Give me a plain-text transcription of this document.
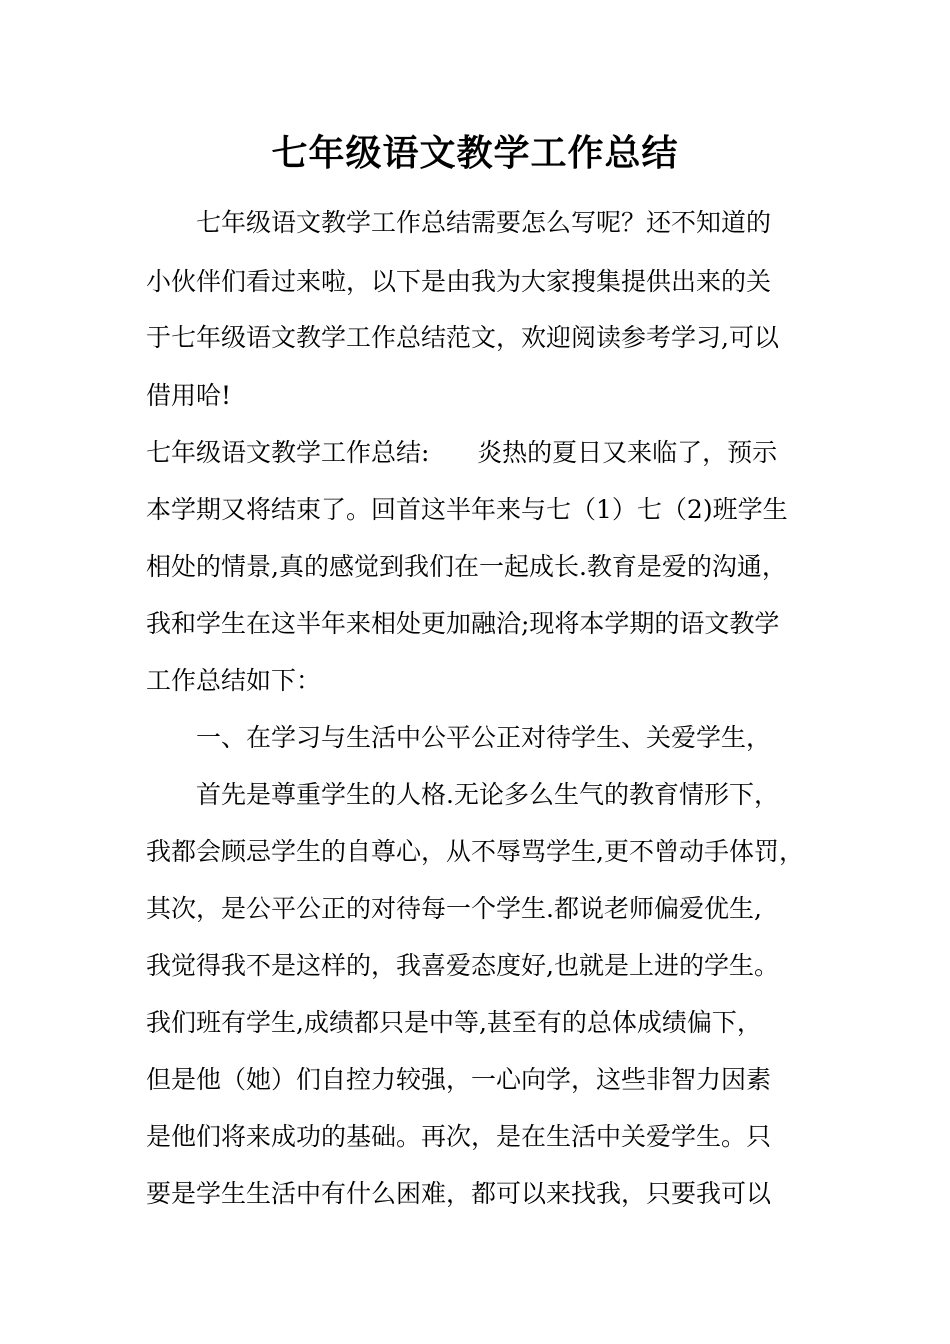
七年级语文教学工作总结
七年级语文教学工作总结需要怎么写呢？还不知道的
小伙伴们看过来啦，以下是由我为大家搜集提供出来的关
于七年级语文教学工作总结范文，欢迎阅读参考学习,可以
借用哈!
七年级语文教学工作总结:      炎热的夏日又来临了，预示
本学期又将结束了。回首这半年来与七（1）七（2)班学生
相处的情景,真的感觉到我们在一起成长.教育是爱的沟通，
我和学生在这半年来相处更加融洽;现将本学期的语文教学
工作总结如下：
一、在学习与生活中公平公正对待学生、关爱学生，
首先是尊重学生的人格.无论多么生气的教育情形下，
我都会顾忌学生的自尊心，从不辱骂学生,更不曾动手体罚，
其次，是公平公正的对待每一个学生.都说老师偏爱优生,
我觉得我不是这样的，我喜爱态度好,也就是上进的学生。
我们班有学生,成绩都只是中等,甚至有的总体成绩偏下，
但是他（她）们自控力较强，一心向学，这些非智力因素
是他们将来成功的基础。再次，是在生活中关爱学生。只
要是学生生活中有什么困难，都可以来找我，只要我可以
